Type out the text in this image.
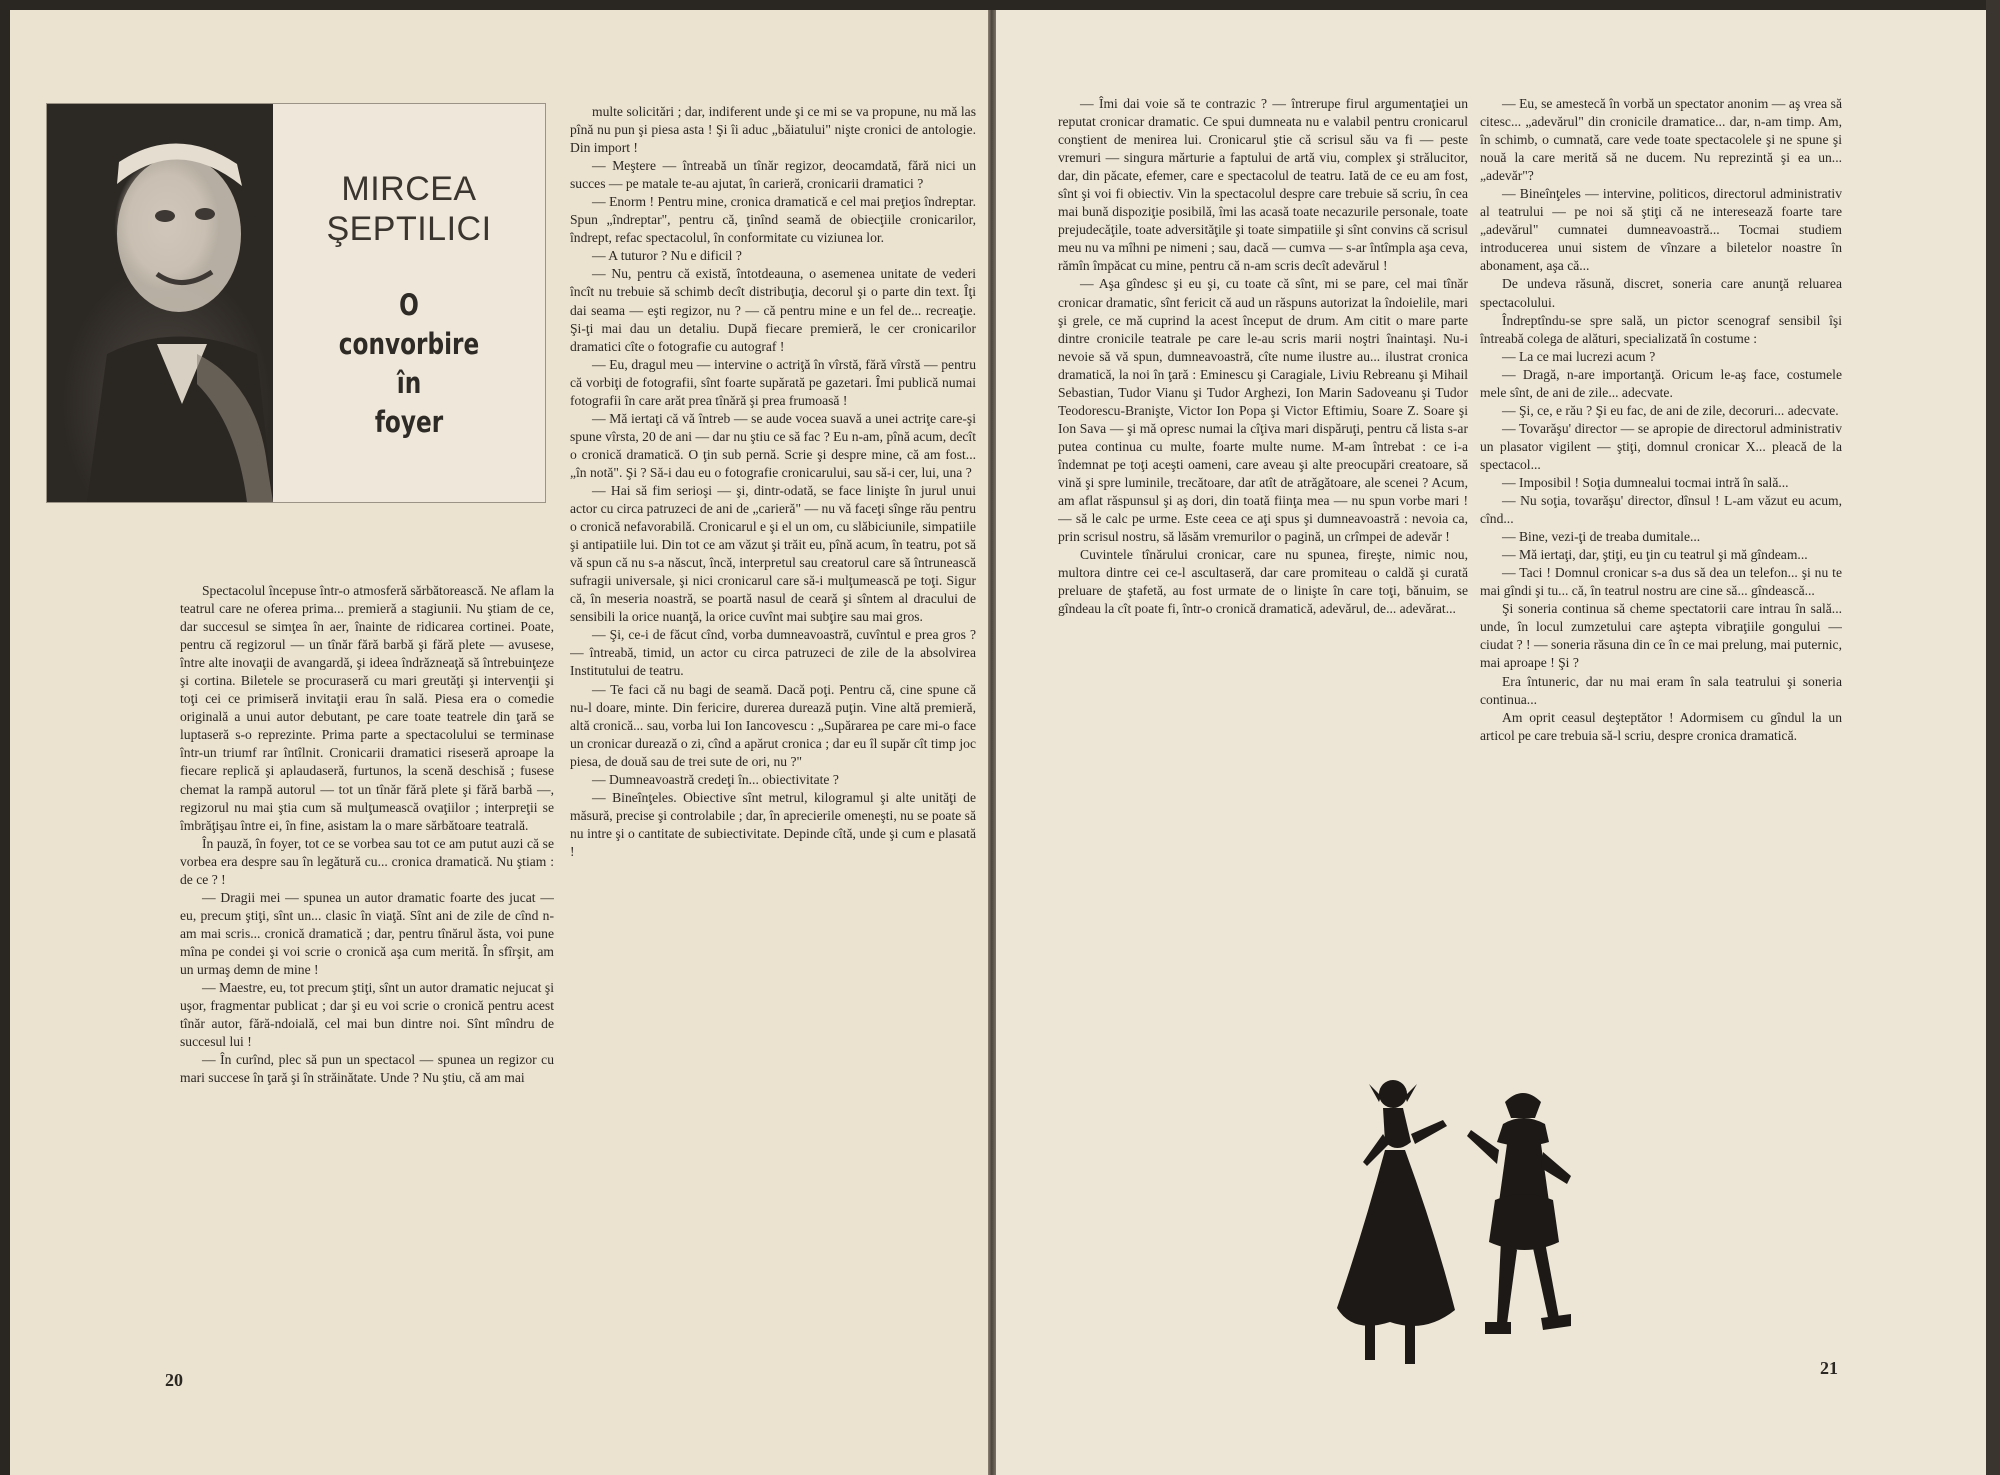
MIRCEA
ŞEPTILICI
O
convorbire
în
foyer

Spectacolul începuse într-o atmosferă sărbătorească. Ne aflam la teatrul care ne oferea prima... premieră a stagiunii. Nu ştiam de ce, dar succesul se simţea în aer, înainte de ridicarea cortinei. Poate, pentru că regizorul — un tînăr fără barbă şi fără plete — avusese, între alte inovaţii de avangardă, şi ideea îndrăzneaţă să întrebuinţeze şi cortina. Biletele se procuraseră cu mari greutăţi şi intervenţii şi toţi cei ce primiseră invitaţii erau în sală. Piesa era o comedie originală a unui autor debutant, pe care toate teatrele din ţară se luptaseră s-o reprezinte. Prima parte a spectacolului se terminase într-un triumf rar întîlnit. Cronicarii dramatici riseseră aproape la fiecare replică şi aplaudaseră, furtunos, la scenă deschisă ; fusese chemat la rampă autorul — tot un tînăr fără plete şi fără barbă —, regizorul nu mai ştia cum să mulţumească ovaţiilor ; interpreţii se îmbrăţişau între ei, în fine, asistam la o mare sărbătoare teatrală.

În pauză, în foyer, tot ce se vorbea sau tot ce am putut auzi că se vorbea era despre sau în legătură cu... cronica dramatică. Nu ştiam : de ce ? !

— Dragii mei — spunea un autor dramatic foarte des jucat — eu, precum ştiţi, sînt un... clasic în viaţă. Sînt ani de zile de cînd n-am mai scris... cronică dramatică ; dar, pentru tînărul ăsta, voi pune mîna pe condei şi voi scrie o cronică aşa cum merită. În sfîrşit, am un urmaş demn de mine !

— Maestre, eu, tot precum ştiţi, sînt un autor dramatic nejucat şi uşor, fragmentar publicat ; dar şi eu voi scrie o cronică pentru acest tînăr autor, fără-ndoială, cel mai bun dintre noi. Sînt mîndru de succesul lui !

— În curînd, plec să pun un spectacol — spunea un regizor cu mari succese în ţară şi în străinătate. Unde ? Nu ştiu, că am mai

multe solicitări ; dar, indiferent unde şi ce mi se va propune, nu mă las pînă nu pun şi piesa asta ! Şi îi aduc „băiatului" nişte cronici de antologie. Din import !

— Meştere — întreabă un tînăr regizor, deocamdată, fără nici un succes — pe matale te-au ajutat, în carieră, cronicarii dramatici ?

— Enorm ! Pentru mine, cronica dramatică e cel mai preţios îndreptar. Spun „îndreptar", pentru că, ţinînd seamă de obiecţiile cronicarilor, îndrept, refac spectacolul, în conformitate cu viziunea lor.

— A tuturor ? Nu e dificil ?

— Nu, pentru că există, întotdeauna, o asemenea unitate de vederi încît nu trebuie să schimb decît distribuţia, decorul şi o parte din text. Îţi dai seama — eşti regizor, nu ? — că pentru mine e un fel de... recreaţie. Şi-ţi mai dau un detaliu. După fiecare premieră, le cer cronicarilor dramatici cîte o fotografie cu autograf !

— Eu, dragul meu — intervine o actriţă în vîrstă, fără vîrstă — pentru că vorbiţi de fotografii, sînt foarte supărată pe gazetari. Îmi publică numai fotografii în care arăt prea tînără şi prea frumoasă !

— Mă iertaţi că vă întreb — se aude vocea suavă a unei actriţe care-şi spune vîrsta, 20 de ani — dar nu ştiu ce să fac ? Eu n-am, pînă acum, decît o cronică dramatică. O ţin sub pernă. Scrie şi despre mine, că am fost... „în notă". Şi ? Să-i dau eu o fotografie cronicarului, sau să-i cer, lui, una ?

— Hai să fim serioşi — şi, dintr-odată, se face linişte în jurul unui actor cu circa patruzeci de ani de „carieră" — nu vă faceţi sînge rău pentru o cronică nefavorabilă. Cronicarul e şi el un om, cu slăbiciunile, simpatiile şi antipatiile lui. Din tot ce am văzut şi trăit eu, pînă acum, în teatru, pot să vă spun că nu s-a născut, încă, interpretul sau creatorul care să întrunească sufragii universale, şi nici cronicarul care să-i mulţumească pe toţi. Sigur că, în meseria noastră, se poartă nasul de ceară şi sîntem al dracului de sensibili la orice nuanţă, la orice cuvînt mai subţire sau mai gros.

— Şi, ce-i de făcut cînd, vorba dumneavoastră, cuvîntul e prea gros ? — întreabă, timid, un actor cu circa patruzeci de zile de la absolvirea Institutului de teatru.

— Te faci că nu bagi de seamă. Dacă poţi. Pentru că, cine spune că nu-l doare, minte. Din fericire, durerea durează puţin. Vine altă premieră, altă cronică... sau, vorba lui Ion Iancovescu : „Supărarea pe care mi-o face un cronicar durează o zi, cînd a apărut cronica ; dar eu îl supăr cît timp joc piesa, de două sau de trei sute de ori, nu ?"

— Dumneavoastră credeţi în... obiectivitate ?

— Bineînţeles. Obiective sînt metrul, kilogramul şi alte unităţi de măsură, precise şi controlabile ; dar, în aprecierile omeneşti, nu se poate să nu intre şi o cantitate de subiectivitate. Depinde cîtă, unde şi cum e plasată !

20

— Îmi dai voie să te contrazic ? — întrerupe firul argumentaţiei un reputat cronicar dramatic. Ce spui dumneata nu e valabil pentru cronicarul conştient de menirea lui. Cronicarul ştie că scrisul său va fi — peste vremuri — singura mărturie a faptului de artă viu, complex şi strălucitor, dar, din păcate, efemer, care e spectacolul de teatru. Iată de ce eu am fost, sînt şi voi fi obiectiv. Vin la spectacolul despre care trebuie să scriu, în cea mai bună dispoziţie posibilă, îmi las acasă toate necazurile personale, toate prejudecăţile, toate adversităţile şi toate simpatiile şi sînt convins că scrisul meu nu va mîhni pe nimeni ; sau, dacă — cumva — s-ar întîmpla aşa ceva, rămîn împăcat cu mine, pentru că n-am scris decît adevărul !

— Aşa gîndesc şi eu şi, cu toate că sînt, mi se pare, cel mai tînăr cronicar dramatic, sînt fericit că aud un răspuns autorizat la îndoielile, mari şi grele, ce mă cuprind la acest început de drum. Am citit o mare parte dintre cronicile teatrale pe care le-au scris marii noştri înaintaşi. Nu-i nevoie să vă spun, dumneavoastră, cîte nume ilustre au... ilustrat cronica dramatică, la noi în ţară : Eminescu şi Caragiale, Liviu Rebreanu şi Mihail Sebastian, Tudor Vianu şi Tudor Arghezi, Ion Marin Sadoveanu şi Tudor Teodorescu-Branişte, Victor Ion Popa şi Victor Eftimiu, Soare Z. Soare şi Ion Sava — şi mă opresc numai la cîţiva mari dispăruţi, pentru că lista s-ar putea continua cu multe, foarte multe nume. M-am întrebat : ce i-a îndemnat pe toţi aceşti oameni, care aveau şi alte preocupări creatoare, să vină şi spre luminile, trecătoare, dar atît de atrăgătoare, ale scenei ? Acum, am aflat răspunsul şi aş dori, din toată fiinţa mea — nu spun vorbe mari ! — să le calc pe urme. Este ceea ce aţi spus şi dumneavoastră : nevoia ca, prin scrisul nostru, să lăsăm vremurilor o pagină, un crîmpei de adevăr !

Cuvintele tînărului cronicar, care nu spunea, fireşte, nimic nou, multora dintre cei ce-l ascultaseră, dar care promiteau o caldă şi curată preluare de ştafetă, au fost urmate de o linişte în care toţi, bănuim, se gîndeau la cît poate fi, într-o cronică dramatică, adevărul, de... adevărat...

— Eu, se amestecă în vorbă un spectator anonim — aş vrea să citesc... „adevărul" din cronicile dramatice... dar, n-am timp. Am, în schimb, o cumnată, care vede toate spectacolele şi ne spune şi nouă la care merită să ne ducem. Nu reprezintă şi ea un... „adevăr"?

— Bineînţeles — intervine, politicos, directorul administrativ al teatrului — pe noi să ştiţi că ne interesează foarte tare „adevărul" cumnatei dumneavoastră... Tocmai studiem introducerea unui sistem de vînzare a biletelor noastre în abonament, aşa că...

De undeva răsună, discret, soneria care anunţă reluarea spectacolului.

Îndreptîndu-se spre sală, un pictor scenograf sensibil îşi întreabă colega de alături, specializată în costume :

— La ce mai lucrezi acum ?

— Dragă, n-are importanţă. Oricum le-aş face, costumele mele sînt, de ani de zile... adecvate.

— Şi, ce, e rău ? Şi eu fac, de ani de zile, decoruri... adecvate.

— Tovarăşu' director — se apropie de directorul administrativ un plasator vigilent — ştiţi, domnul cronicar X... pleacă de la spectacol...

— Imposibil ! Soţia dumnealui tocmai intră în sală...

— Nu soţia, tovarăşu' director, dînsul ! L-am văzut eu acum, cînd...

— Bine, vezi-ţi de treaba dumitale...

— Mă iertaţi, dar, ştiţi, eu ţin cu teatrul şi mă gîndeam...

— Taci ! Domnul cronicar s-a dus să dea un telefon... şi nu te mai gîndi şi tu... că, în teatrul nostru are cine să... gîndească...

Şi soneria continua să cheme spectatorii care intrau în sală... unde, în locul zumzetului care aştepta vibraţiile gongului — ciudat ? ! — soneria răsuna din ce în ce mai prelung, mai puternic, mai aproape ! Şi ?

Era întuneric, dar nu mai eram în sala teatrului şi soneria continua...

Am oprit ceasul deşteptător ! Adormisem cu gîndul la un articol pe care trebuia să-l scriu, despre cronica dramatică.

21
